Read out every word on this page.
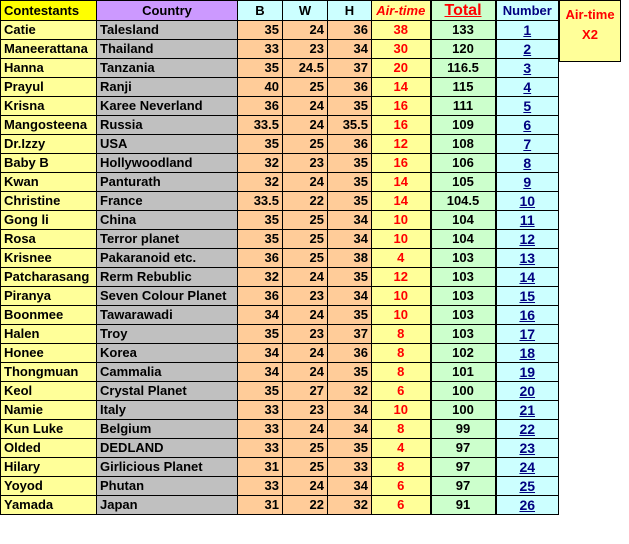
Contestants	Country	B	W	H	Air-time	Total	Number
Catie	Talesland	35	24	36	38	133	1
Maneerattana	Thailand	33	23	34	30	120	2
Hanna	Tanzania	35	24.5	37	20	116.5	3
Prayul	Ranji	40	25	36	14	115	4
Krisna	Karee Neverland	36	24	35	16	111	5
Mangosteena	Russia	33.5	24	35.5	16	109	6
Dr.Izzy	USA	35	25	36	12	108	7
Baby B	Hollywoodland	32	23	35	16	106	8
Kwan	Panturath	32	24	35	14	105	9
Christine	France	33.5	22	35	14	104.5	10
Gong li	China	35	25	34	10	104	11
Rosa	Terror planet	35	25	34	10	104	12
Krisnee	Pakaranoid etc.	36	25	38	4	103	13
Patcharasang	Rerm Rebublic	32	24	35	12	103	14
Piranya	Seven Colour Planet	36	23	34	10	103	15
Boonmee	Tawarawadi	34	24	35	10	103	16
Halen	Troy	35	23	37	8	103	17
Honee	Korea	34	24	36	8	102	18
Thongmuan	Cammalia	34	24	35	8	101	19
Keol	Crystal Planet	35	27	32	6	100	20
Namie	Italy	33	23	34	10	100	21
Kun Luke	Belgium	33	24	34	8	99	22
Olded	DEDLAND	33	25	35	4	97	23
Hilary	Girlicious Planet	31	25	33	8	97	24
Yoyod	Phutan	33	24	34	6	97	25
Yamada	Japan	31	22	32	6	91	26
Air-time
X2
